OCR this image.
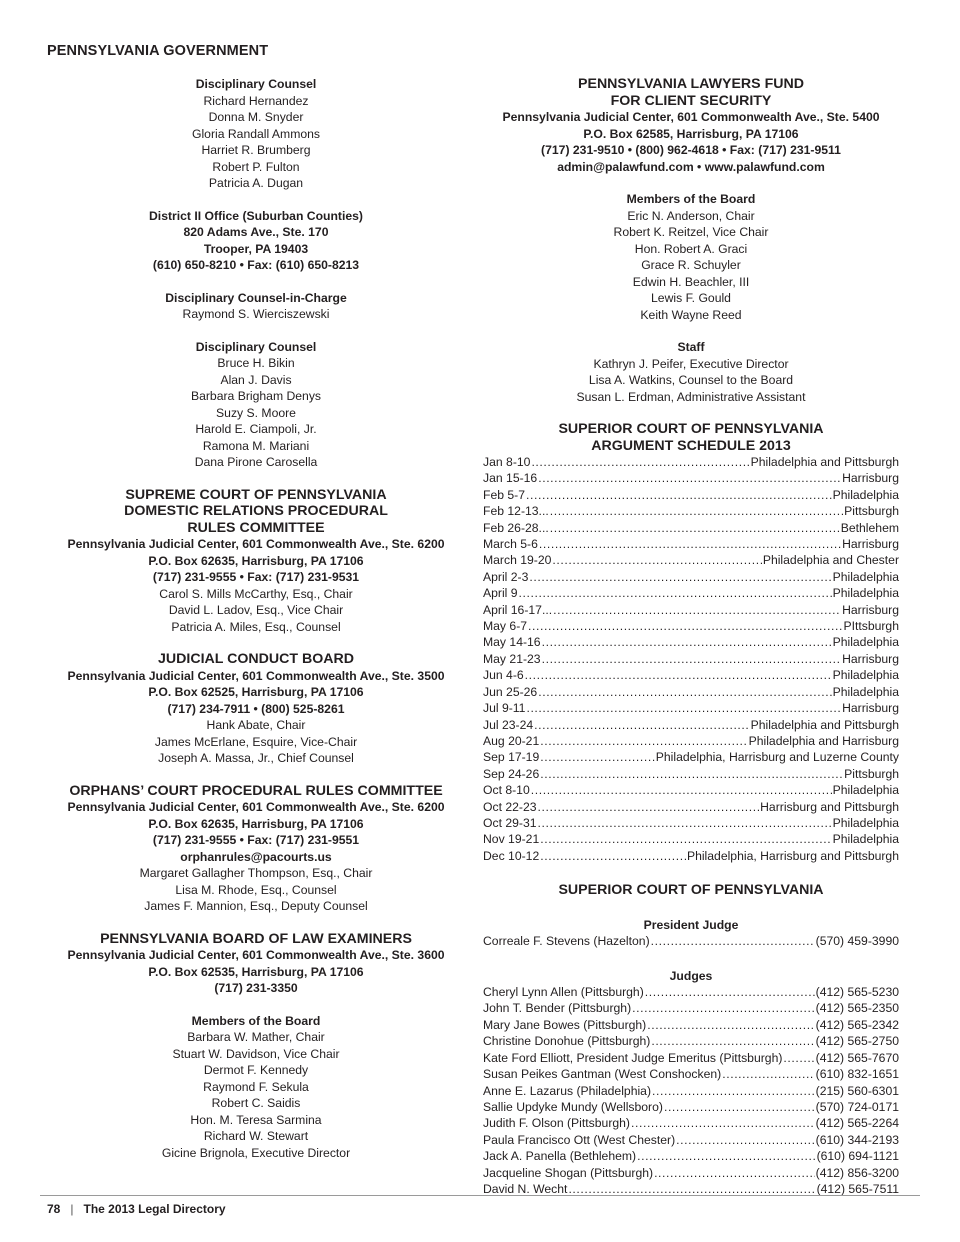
PENNSYLVANIA GOVERNMENT
Disciplinary Counsel
Richard Hernandez
Donna M. Snyder
Gloria Randall Ammons
Harriet R. Brumberg
Robert P. Fulton
Patricia A. Dugan
District II Office (Suburban Counties)
820 Adams Ave., Ste. 170
Trooper, PA 19403
(610) 650-8210 • Fax: (610) 650-8213
Disciplinary Counsel-in-Charge
Raymond S. Wierciszewski
Disciplinary Counsel
Bruce H. Bikin
Alan J. Davis
Barbara Brigham Denys
Suzy S. Moore
Harold E. Ciampoli, Jr.
Ramona M. Mariani
Dana Pirone Carosella
SUPREME COURT OF PENNSYLVANIA
DOMESTIC RELATIONS PROCEDURAL
RULES COMMITTEE
Pennsylvania Judicial Center, 601 Commonwealth Ave., Ste. 6200
P.O. Box 62635, Harrisburg, PA 17106
(717) 231-9555 • Fax: (717) 231-9531
Carol S. Mills McCarthy, Esq., Chair
David L. Ladov, Esq., Vice Chair
Patricia A. Miles, Esq., Counsel
JUDICIAL CONDUCT BOARD
Pennsylvania Judicial Center, 601 Commonwealth Ave., Ste. 3500
P.O. Box 62525, Harrisburg, PA 17106
(717) 234-7911 • (800) 525-8261
Hank Abate, Chair
James McErlane, Esquire, Vice-Chair
Joseph A. Massa, Jr., Chief Counsel
ORPHANS’ COURT PROCEDURAL RULES COMMITTEE
Pennsylvania Judicial Center, 601 Commonwealth Ave., Ste. 6200
P.O. Box 62635, Harrisburg, PA 17106
(717) 231-9555 • Fax: (717) 231-9551
orphanrules@pacourts.us
Margaret Gallagher Thompson, Esq., Chair
Lisa M. Rhode, Esq., Counsel
James F. Mannion, Esq., Deputy Counsel
PENNSYLVANIA BOARD OF LAW EXAMINERS
Pennsylvania Judicial Center, 601 Commonwealth Ave., Ste. 3600
P.O. Box 62535, Harrisburg, PA 17106
(717) 231-3350
Members of the Board
Barbara W. Mather, Chair
Stuart W. Davidson, Vice Chair
Dermot F. Kennedy
Raymond F. Sekula
Robert C. Saidis
Hon. M. Teresa Sarmina
Richard W. Stewart
Gicine Brignola, Executive Director
PENNSYLVANIA LAWYERS FUND
FOR CLIENT SECURITY
Pennsylvania Judicial Center, 601 Commonwealth Ave., Ste. 5400
P.O. Box 62585, Harrisburg, PA 17106
(717) 231-9510 • (800) 962-4618 • Fax: (717) 231-9511
admin@palawfund.com • www.palawfund.com
Members of the Board
Eric N. Anderson, Chair
Robert K. Reitzel, Vice Chair
Hon. Robert A. Graci
Grace R. Schuyler
Edwin H. Beachler, III
Lewis F. Gould
Keith Wayne Reed
Staff
Kathryn J. Peifer, Executive Director
Lisa A. Watkins, Counsel to the Board
Susan L. Erdman, Administrative Assistant
SUPERIOR COURT OF PENNSYLVANIA
ARGUMENT SCHEDULE 2013
Jan 8-10 .....	Philadelphia and Pittsburgh
Jan 15-16 .....	Harrisburg
Feb 5-7 .....	Philadelphia
Feb 12-13... .....	Pittsburgh
Feb 26-28... .....	Bethlehem
March 5-6 .....	Harrisburg
March 19-20 .....	Philadelphia and Chester
April 2-3 .....	Philadelphia
April 9 .....	Philadelphia
April 16-17... .....	Harrisburg
May 6-7 .....	PIttsburgh
May 14-16 .....	Philadelphia
May 21-23 .....	Harrisburg
Jun 4-6 .....	Philadelphia
Jun 25-26 .....	Philadelphia
Jul 9-11 .....	Harrisburg
Jul 23-24 .....	Philadelphia and Pittsburgh
Aug 20-21 .....	Philadelphia and Harrisburg
Sep 17-19 .....	Philadelphia, Harrisburg and Luzerne County
Sep 24-26 .....	Pittsburgh
Oct 8-10 .....	Philadelphia
Oct 22-23 .....	Harrisburg and Pittsburgh
Oct 29-31 .....	Philadelphia
Nov 19-21 .....	Philadelphia
Dec 10-12 .....	Philadelphia, Harrisburg and Pittsburgh
SUPERIOR COURT OF PENNSYLVANIA
President Judge
Correale F. Stevens (Hazelton) .....	(570) 459-3990
Judges
Cheryl Lynn Allen (Pittsburgh) .....	(412) 565-5230
John T. Bender (Pittsburgh) .....	(412) 565-2350
Mary Jane Bowes (Pittsburgh) .....	(412) 565-2342
Christine Donohue (Pittsburgh) .....	(412) 565-2750
Kate Ford Elliott, President Judge Emeritus (Pittsburgh) .....	(412) 565-7670
Susan Peikes Gantman (West Conshocken) .....	(610) 832-1651
Anne E. Lazarus (Philadelphia) .....	(215) 560-6301
Sallie Updyke Mundy (Wellsboro) .....	(570) 724-0171
Judith F. Olson (Pittsburgh) .....	(412) 565-2264
Paula Francisco Ott (West Chester) .....	(610) 344-2193
Jack A. Panella (Bethlehem) .....	(610) 694-1121
Jacqueline Shogan (Pittsburgh) .....	(412) 856-3200
David N. Wecht .....	(412) 565-7511
78 | The 2013 Legal Directory
